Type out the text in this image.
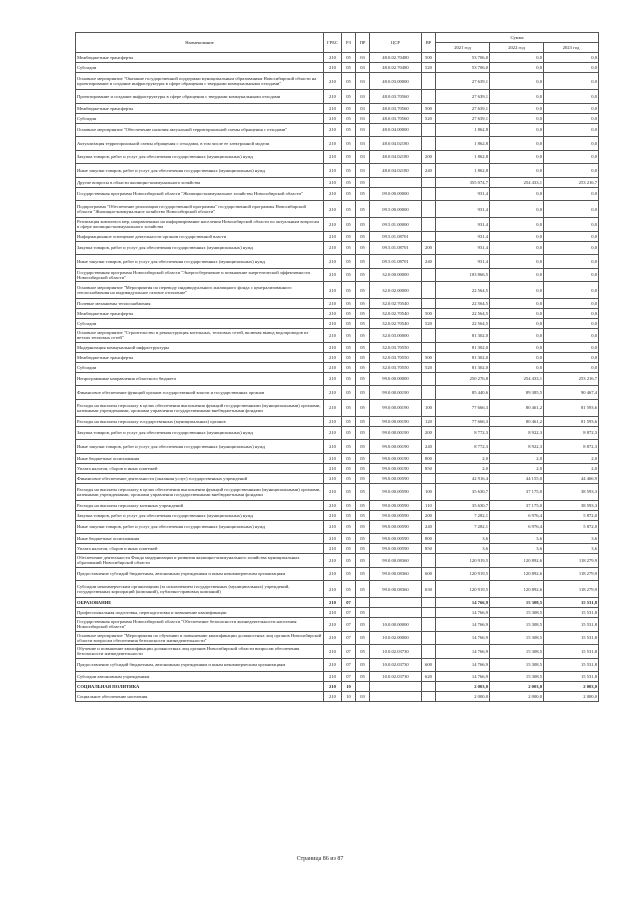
Наименование	ГРБС	РЗ	ПР	ЦСР	ВР	Сумма		
						2021 год	2022 год	2023 год
Межбюджетные трансферты	210	05	03	48.0.02.70480	500	53 706,0	0,0	0,0
Субсидии	210	05	03	48.0.02.70480	520	53 706,0	0,0	0,0
Основное мероприятие "Оказание государственной поддержки муниципальным образованиям Новосибирской области на проектирование и создание инфраструктуры в сфере обращения с твердыми коммунальными отходами"	210	05	03	48.0.03.00000		27 639,1	0,0	0,0
Проектирование и создание инфраструктуры в сфере обращения с твердыми коммунальными отходами	210	05	03	48.0.03.70560		27 639,1	0,0	0,0
Межбюджетные трансферты	210	05	03	48.0.03.70560	500	27 639,1	0,0	0,0
Субсидии	210	05	03	48.0.03.70560	520	27 639,1	0,0	0,0
Основное мероприятие "Обеспечение наличия актуальной территориальной схемы обращения с отходами"	210	05	03	48.0.04.00000		1 862,8	0,0	0,0
Актуализация территориальной схемы обращения с отходами, в том числе ее электронной модели	210	05	03	48.0.04.02180		1 862,8	0,0	0,0
Закупка товаров, работ и услуг для обеспечения государственных (муниципальных) нужд	210	05	03	48.0.04.02180	200	1 862,8	0,0	0,0
Иные закупки товаров, работ и услуг для обеспечения государственных (муниципальных) нужд	210	05	03	48.0.04.02180	240	1 862,8	0,0	0,0
Другие вопросы в области жилищно-коммунального хозяйства	210	05	05			355 074,7	254 433,1	253 216,7
Государственная программа Новосибирской области "Жилищно-коммунальное хозяйство Новосибирской области"	210	05	05	09.0.00.00000		931,4	0,0	0,0
Подпрограмма "Обеспечение реализации государственной программы" государственной программы Новосибирской области "Жилищно-коммунальное хозяйство Новосибирской области"	210	05	05	09.5.00.00000		931,4	0,0	0,0
Реализация комплекса мер, направленных на информирование населения Новосибирской области по актуальным вопросам в сфере жилищно-коммунального хозяйства	210	05	05	09.5.01.00000		931,4	0,0	0,0
Информационное освещение деятельности органов государственной власти	210	05	05	09.5.01.08701		931,4	0,0	0,0
Закупка товаров, работ и услуг для обеспечения государственных (муниципальных) нужд	210	05	05	09.5.01.08701	200	931,4	0,0	0,0
Иные закупки товаров, работ и услуг для обеспечения государственных (муниципальных) нужд	210	05	05	09.5.01.08701	240	931,4	0,0	0,0
Государственная программа Новосибирской области "Энергосбережение и повышение энергетической эффективности Новосибирской области"	210	05	05	32.0.00.00000		103 866,5	0,0	0,0
Основное мероприятие "Мероприятия по переводу индивидуального жилищного фонда с централизованного теплоснабжения на индивидуальное газовое отопление"	210	05	05	32.0.02.00000		22 564,5	0,0	0,0
Полевые механизмы теплоснабжения	210	05	05	32.0.02.70540		22 564,5	0,0	0,0
Межбюджетные трансферты	210	05	05	32.0.02.70540	500	22 564,5	0,0	0,0
Субсидии	210	05	05	32.0.02.70540	520	22 564,5	0,0	0,0
Основное мероприятие "Строительство и реконструкция котельных, тепловых сетей, включая вывод водопроводов из ветхих тепловых сетей"	210	05	05	32.0.03.00000		81 302,0	0,0	0,0
Модернизация коммунальной инфраструктуры	210	05	05	32.0.03.70550		81 302,0	0,0	0,0
Межбюджетные трансферты	210	05	05	32.0.03.70550	500	81 302,0	0,0	0,0
Субсидии	210	05	05	32.0.03.70550	520	81 302,0	0,0	0,0
Непрограммные направления областного бюджета	210	05	05	99.0.00.00000		250 276,8	254 433,1	253 216,7
Финансовое обеспечение функций органов государственной власти и государственных органов	210	05	05	99.0.00.00190		85 440,6	89 385,5	90 467,4
Расходы на выплаты персоналу в целях обеспечения выполнения функций государственными (муниципальными) органами, казенными учреждениями, органами управления государственными внебюджетными фондами	210	05	05	99.0.00.00190	100	77 666,3	80 461,2	81 593,6
Расходы на выплаты персоналу государственных (муниципальных) органов	210	05	05	99.0.00.00190	120	77 666,3	80 461,2	81 593,6
Закупка товаров, работ и услуг для обеспечения государственных (муниципальных) нужд	210	05	05	99.0.00.00190	200	8 772,3	8 922,3	8 872,3
Иные закупки товаров, работ и услуг для обеспечения государственных (муниципальных) нужд	210	05	05	99.0.00.00190	240	8 772,3	8 922,3	8 872,3
Иные бюджетные ассигнования	210	05	05	99.0.00.00190	800	2,0	2,0	2,0
Уплата налогов, сборов и иных платежей	210	05	05	99.0.00.00190	850	2,0	2,0	2,0
Финансовое обеспечение деятельности (оказания услуг) государственных учреждений	210	05	05	99.0.00.00590		42 916,4	44 155,0	44 466,9
Расходы на выплаты персоналу в целях обеспечения выполнения функций государственными (муниципальными) органами, казенными учреждениями, органами управления государственными внебюджетными фондами	210	05	05	99.0.00.00590	100	35 630,7	37 175,0	38 593,3
Расходы на выплаты персоналу казенных учреждений	210	05	05	99.0.00.00590	110	35 630,7	37 175,0	38 593,3
Закупка товаров, работ и услуг для обеспечения государственных (муниципальных) нужд	210	05	05	99.0.00.00590	200	7 282,1	6 976,4	5 872,0
Иные закупки товаров, работ и услуг для обеспечения государственных (муниципальных) нужд	210	05	05	99.0.00.00590	240	7 282,1	6 976,4	5 872,0
Иные бюджетные ассигнования	210	05	05	99.0.00.00590	800	3,6	3,6	3,6
Уплата налогов, сборов и иных платежей	210	05	05	99.0.00.00590	850	3,6	3,6	3,6
Обеспечение деятельности Фонда модернизации и развития жилищно-коммунального хозяйства муниципальных образований Новосибирской области	210	05	05	99.0.00.08360		120 919,5	120 892,6	118 279,9
Предоставление субсидий бюджетным, автономным учреждениям и иным некоммерческим организациям	210	05	05	99.0.00.08360	600	120 919,5	120 892,6	118 279,9
Субсидии некоммерческим организациям (за исключением государственных (муниципальных) учреждений, государственных корпораций (компаний), публично-правовых компаний)	210	05	05	99.0.00.08360	630	120 919,5	120 892,6	118 279,9
ОБРАЗОВАНИЕ	210	07				14 766,9	15 308,5	15 531,8
Профессиональная подготовка, переподготовка и повышение квалификации	210	07	05			14 766,9	15 308,5	15 531,8
Государственная программа Новосибирской области "Обеспечение безопасности жизнедеятельности населения Новосибирской области"	210	07	05	10.0.00.00000		14 766,9	15 308,5	15 531,8
Основное мероприятие "Мероприятия по обучению и повышению квалификации должностных лиц органов Новосибирской области вопросам обеспечения безопасности жизнедеятельности"	210	07	05	10.0.02.00000		14 766,9	15 308,5	15 531,8
Обучение и повышение квалификации должностных лиц органов Новосибирской области вопросам обеспечения безопасности жизнедеятельности	210	07	05	10.0.02.03730		14 766,9	15 308,5	15 531,8
Предоставление субсидий бюджетным, автономным учреждениям и иным некоммерческим организациям	210	07	05	10.0.02.03730	600	14 766,9	15 308,5	15 531,8
Субсидии автономным учреждениям	210	07	05	10.0.02.03730	620	14 766,9	15 308,5	15 531,8
СОЦИАЛЬНАЯ ПОЛИТИКА	210	10				2 003,0	2 003,0	2 003,0
Социальное обеспечение населения	210	10	03			2 000,0	2 000,0	2 000,0
Страница 86 из 87
